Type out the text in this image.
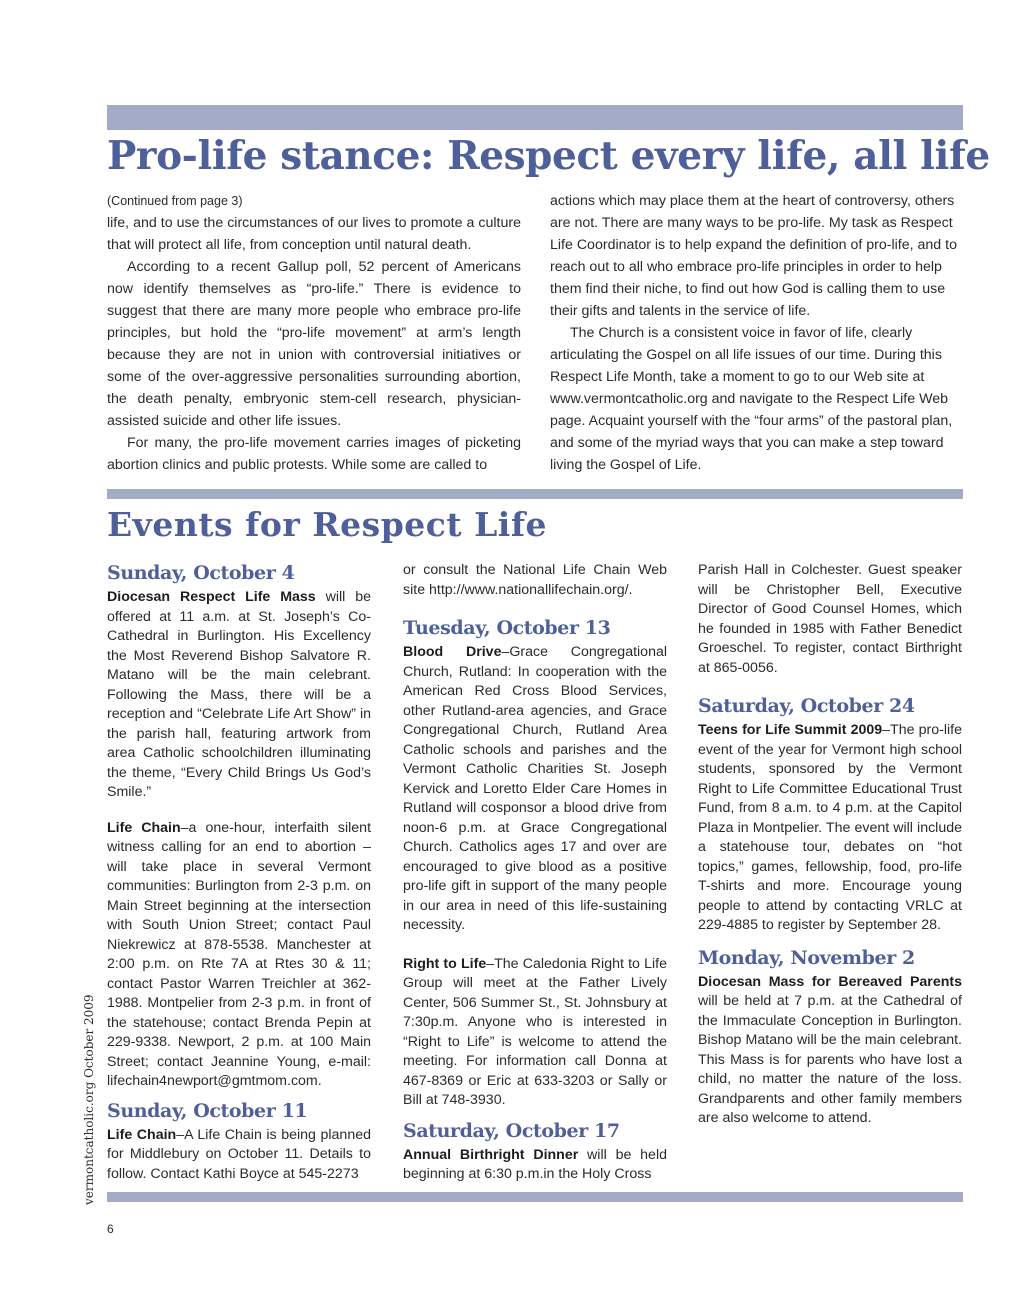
Pro-life stance: Respect every life, all life

(Continued from page 3)

life, and to use the circumstances of our lives to promote a culture that will protect all life, from conception until natural death.

According to a recent Gallup poll, 52 percent of Americans now identify themselves as “pro-life.” There is evidence to suggest that there are many more people who embrace pro-life principles, but hold the “pro-life movement” at arm’s length because they are not in union with controversial initiatives or some of the over-aggressive personalities surrounding abortion, the death penalty, embryonic stem-cell research, physician-assisted suicide and other life issues.

For many, the pro-life movement carries images of picketing abortion clinics and public protests. While some are called to

actions which may place them at the heart of controversy, others are not. There are many ways to be pro-life. My task as Respect Life Coordinator is to help expand the definition of pro-life, and to reach out to all who embrace pro-life principles in order to help them find their niche, to find out how God is calling them to use their gifts and talents in the service of life.

The Church is a consistent voice in favor of life, clearly articulating the Gospel on all life issues of our time. During this Respect Life Month, take a moment to go to our Web site at www.vermontcatholic.org and navigate to the Respect Life Web page. Acquaint yourself with the “four arms” of the pastoral plan, and some of the myriad ways that you can make a step toward living the Gospel of Life.

Events for Respect Life
Sunday, October 4

Diocesan Respect Life Mass will be offered at 11 a.m. at St. Joseph’s Co-Cathedral in Burlington. His Excellency the Most Reverend Bishop Salvatore R. Matano will be the main celebrant. Following the Mass, there will be a reception and “Celebrate Life Art Show” in the parish hall, featuring artwork from area Catholic schoolchildren illuminating the theme, “Every Child Brings Us God’s Smile.”

Life Chain–a one-hour, interfaith silent witness calling for an end to abortion – will take place in several Vermont communities: Burlington from 2-3 p.m. on Main Street beginning at the intersection with South Union Street; contact Paul Niekrewicz at 878-5538. Manchester at 2:00 p.m. on Rte 7A at Rtes 30 & 11; contact Pastor Warren Treichler at 362-1988. Montpelier from 2-3 p.m. in front of the statehouse; contact Brenda Pepin at 229-9338. Newport, 2 p.m. at 100 Main Street; contact Jeannine Young, e-mail: lifechain4newport@gmtmom.com.

Sunday, October 11

Life Chain–A Life Chain is being planned for Middlebury on October 11. Details to follow. Contact Kathi Boyce at 545-2273

or consult the National Life Chain Web site http://www.nationallifechain.org/.

Tuesday, October 13

Blood Drive–Grace Congregational Church, Rutland: In cooperation with the American Red Cross Blood Services, other Rutland-area agencies, and Grace Congregational Church, Rutland Area Catholic schools and parishes and the Vermont Catholic Charities St. Joseph Kervick and Loretto Elder Care Homes in Rutland will cosponsor a blood drive from noon-6 p.m. at Grace Congregational Church. Catholics ages 17 and over are encouraged to give blood as a positive pro-life gift in support of the many people in our area in need of this life-sustaining necessity.

Right to Life–The Caledonia Right to Life Group will meet at the Father Lively Center, 506 Summer St., St. Johnsbury at 7:30p.m. Anyone who is interested in “Right to Life” is welcome to attend the meeting. For information call Donna at 467-8369 or Eric at 633-3203 or Sally or Bill at 748-3930.

Saturday, October 17

Annual Birthright Dinner will be held beginning at 6:30 p.m.in the Holy Cross

Parish Hall in Colchester. Guest speaker will be Christopher Bell, Executive Director of Good Counsel Homes, which he founded in 1985 with Father Benedict Groeschel. To register, contact Birthright at 865-0056.

Saturday, October 24

Teens for Life Summit 2009–The pro-life event of the year for Vermont high school students, sponsored by the Vermont Right to Life Committee Educational Trust Fund, from 8 a.m. to 4 p.m. at the Capitol Plaza in Montpelier. The event will include a statehouse tour, debates on “hot topics,” games, fellowship, food, pro-life T-shirts and more. Encourage young people to attend by contacting VRLC at 229-4885 to register by September 28.

Monday, November 2

Diocesan Mass for Bereaved Parents will be held at 7 p.m. at the Cathedral of the Immaculate Conception in Burlington. Bishop Matano will be the main celebrant. This Mass is for parents who have lost a child, no matter the nature of the loss. Grandparents and other family members are also welcome to attend.

vermontcatholic.org October 2009
6
